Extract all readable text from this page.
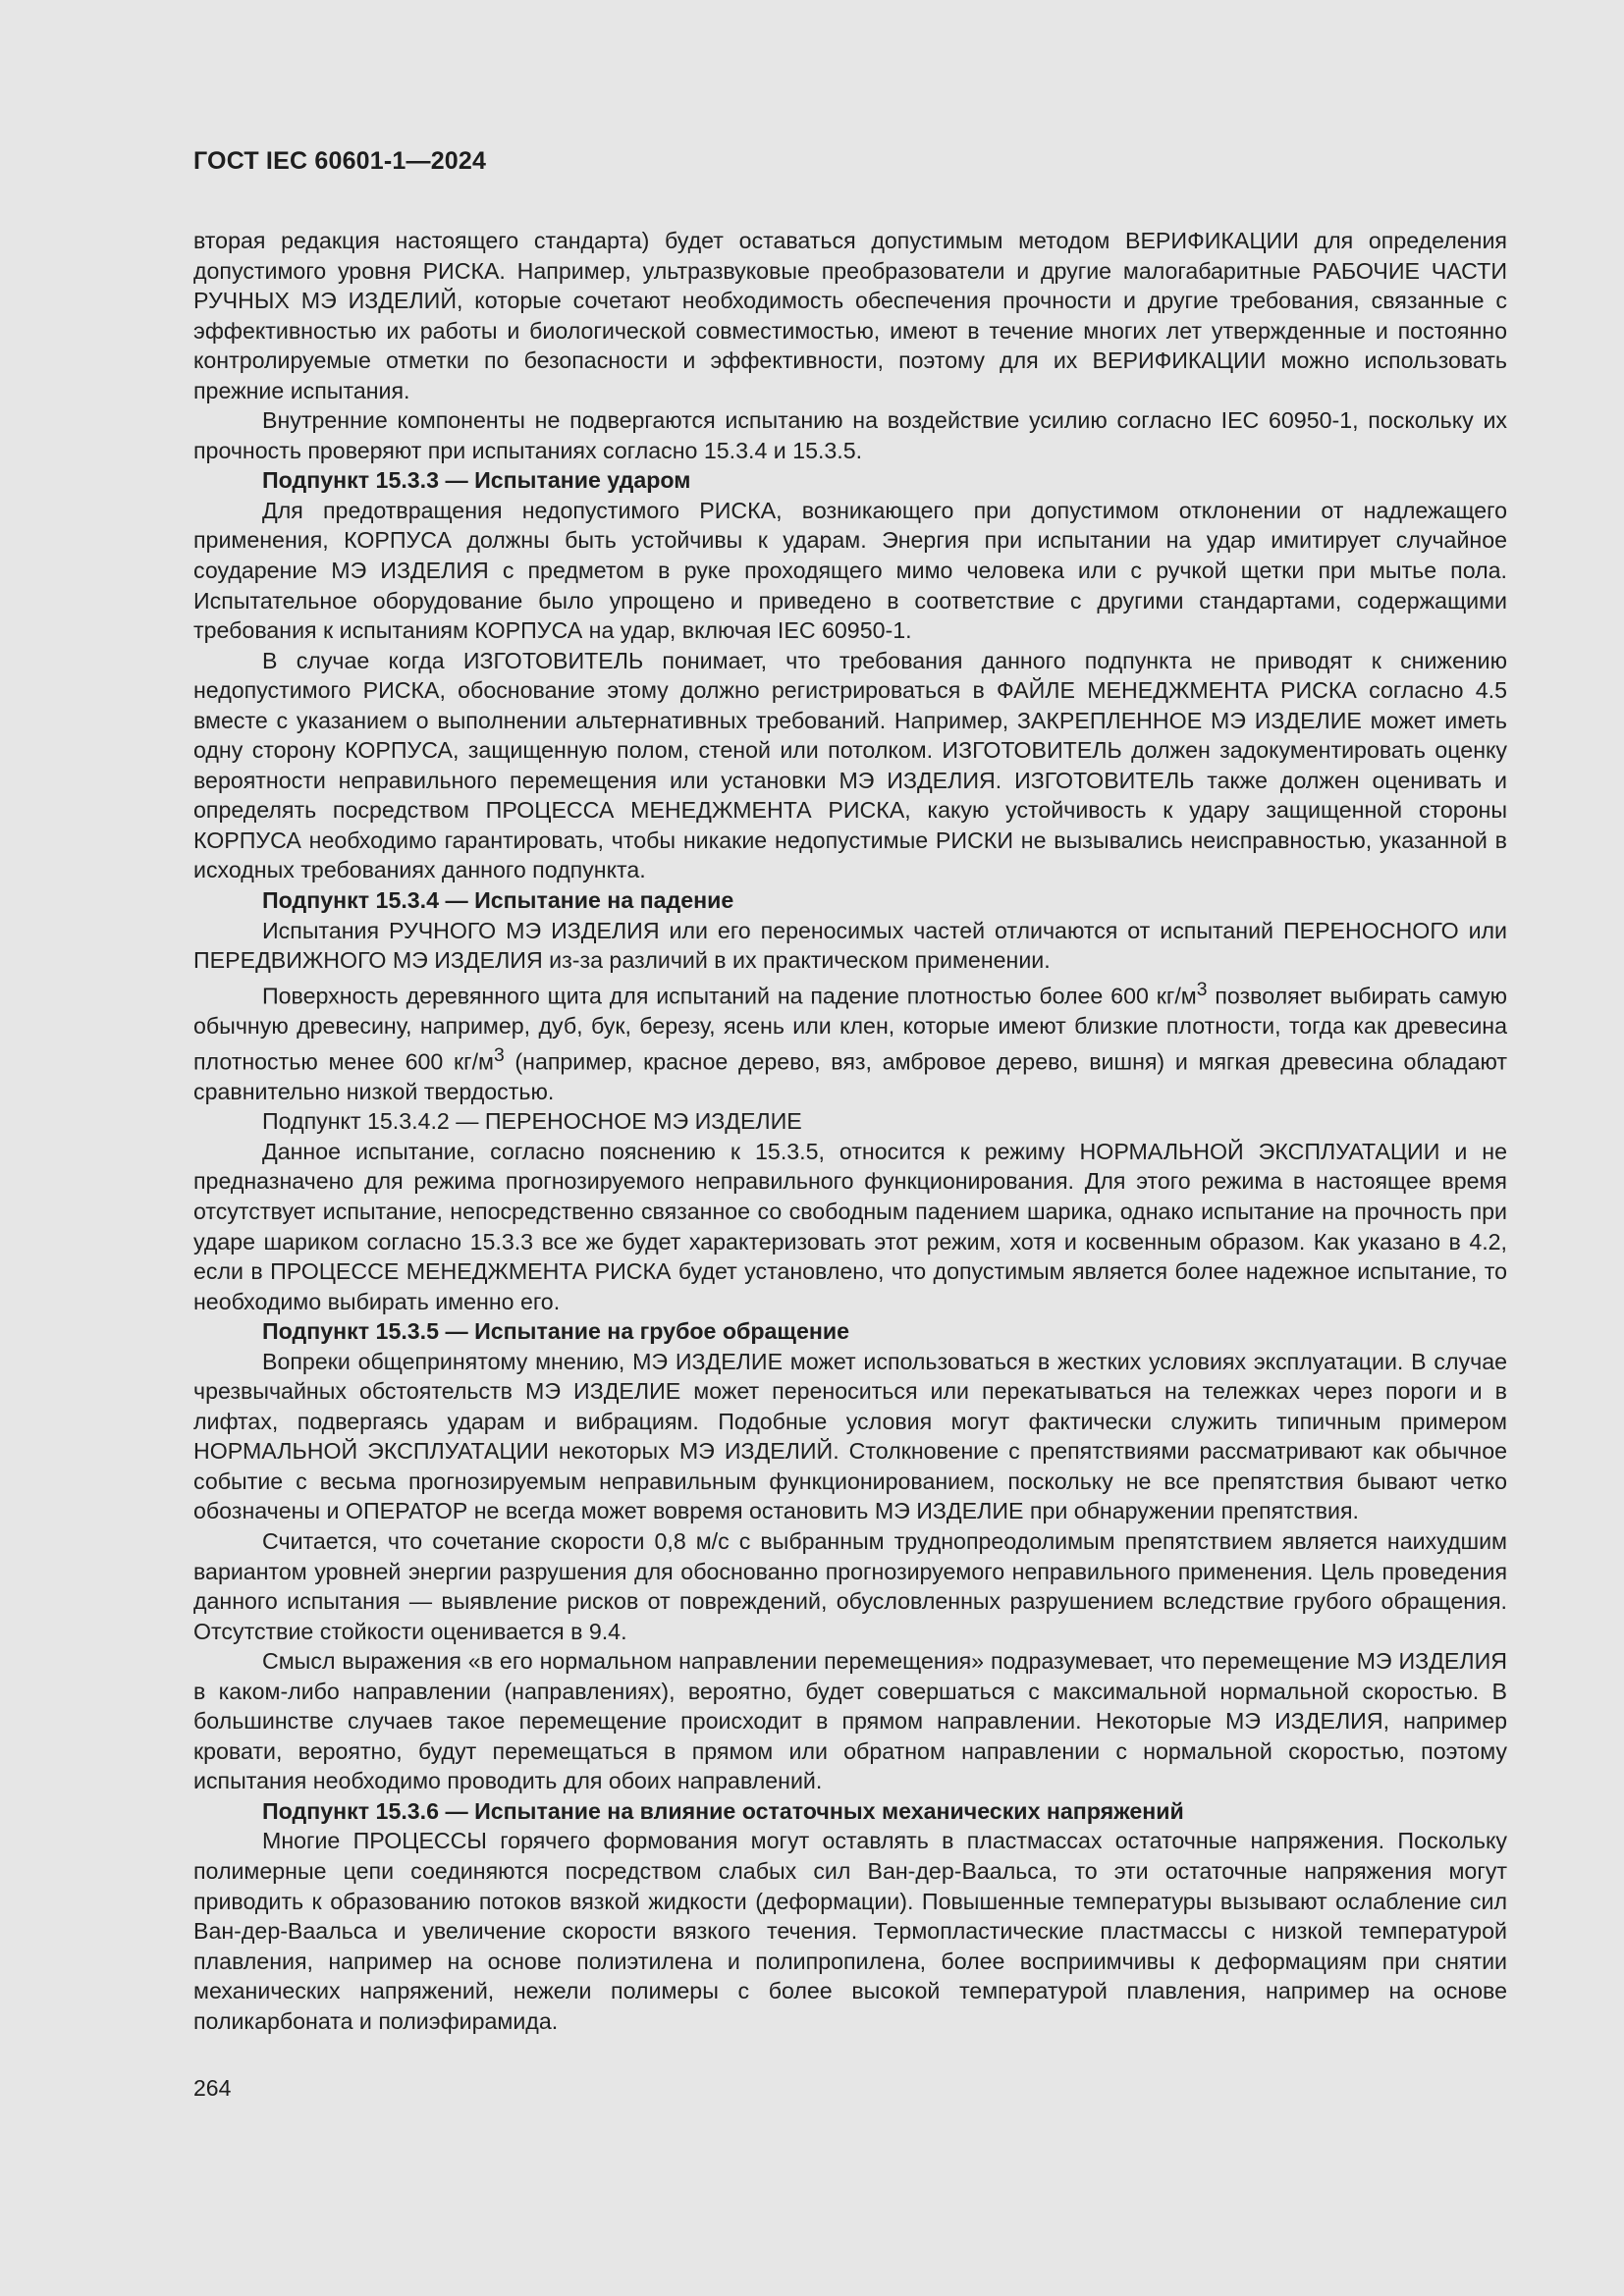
ГОСТ IEC 60601-1—2024

вторая редакция настоящего стандарта) будет оставаться допустимым методом ВЕРИФИКАЦИИ для определения допустимого уровня РИСКА. Например, ультразвуковые преобразователи и другие малогабаритные РАБОЧИЕ ЧАСТИ РУЧНЫХ МЭ ИЗДЕЛИЙ, которые сочетают необходимость обеспечения прочности и другие требования, связанные с эффективностью их работы и биологической совместимостью, имеют в течение многих лет утвержденные и постоянно контролируемые отметки по безопасности и эффективности, поэтому для их ВЕРИФИКАЦИИ можно использовать прежние испытания.

Внутренние компоненты не подвергаются испытанию на воздействие усилию согласно IEC 60950-1, поскольку их прочность проверяют при испытаниях согласно 15.3.4 и 15.3.5.

Подпункт 15.3.3 — Испытание ударом

Для предотвращения недопустимого РИСКА, возникающего при допустимом отклонении от надлежащего применения, КОРПУСА должны быть устойчивы к ударам. Энергия при испытании на удар имитирует случайное соударение МЭ ИЗДЕЛИЯ с предметом в руке проходящего мимо человека или с ручкой щетки при мытье пола. Испытательное оборудование было упрощено и приведено в соответствие с другими стандартами, содержащими требования к испытаниям КОРПУСА на удар, включая IEC 60950-1.

В случае когда ИЗГОТОВИТЕЛЬ понимает, что требования данного подпункта не приводят к снижению недопустимого РИСКА, обоснование этому должно регистрироваться в ФАЙЛЕ МЕНЕДЖМЕНТА РИСКА согласно 4.5 вместе с указанием о выполнении альтернативных требований. Например, ЗАКРЕПЛЕННОЕ МЭ ИЗДЕЛИЕ может иметь одну сторону КОРПУСА, защищенную полом, стеной или потолком. ИЗГОТОВИТЕЛЬ должен задокументировать оценку вероятности неправильного перемещения или установки МЭ ИЗДЕЛИЯ. ИЗГОТОВИТЕЛЬ также должен оценивать и определять посредством ПРОЦЕССА МЕНЕДЖМЕНТА РИСКА, какую устойчивость к удару защищенной стороны КОРПУСА необходимо гарантировать, чтобы никакие недопустимые РИСКИ не вызывались неисправностью, указанной в исходных требованиях данного подпункта.

Подпункт 15.3.4 — Испытание на падение

Испытания РУЧНОГО МЭ ИЗДЕЛИЯ или его переносимых частей отличаются от испытаний ПЕРЕНОСНОГО или ПЕРЕДВИЖНОГО МЭ ИЗДЕЛИЯ из-за различий в их практическом применении.

Поверхность деревянного щита для испытаний на падение плотностью более 600 $кг/м^3$ позволяет выбирать самую обычную древесину, например, дуб, бук, березу, ясень или клен, которые имеют близкие плотности, тогда как древесина плотностью менее 600 $кг/м^3$ (например, красное дерево, вяз, амбровое дерево, вишня) и мягкая древесина обладают сравнительно низкой твердостью.

Подпункт 15.3.4.2 — ПЕРЕНОСНОЕ МЭ ИЗДЕЛИЕ

Данное испытание, согласно пояснению к 15.3.5, относится к режиму НОРМАЛЬНОЙ ЭКСПЛУАТАЦИИ и не предназначено для режима прогнозируемого неправильного функционирования. Для этого режима в настоящее время отсутствует испытание, непосредственно связанное со свободным падением шарика, однако испытание на прочность при ударе шариком согласно 15.3.3 все же будет характеризовать этот режим, хотя и косвенным образом. Как указано в 4.2, если в ПРОЦЕССЕ МЕНЕДЖМЕНТА РИСКА будет установлено, что допустимым является более надежное испытание, то необходимо выбирать именно его.

Подпункт 15.3.5 — Испытание на грубое обращение

Вопреки общепринятому мнению, МЭ ИЗДЕЛИЕ может использоваться в жестких условиях эксплуатации. В случае чрезвычайных обстоятельств МЭ ИЗДЕЛИЕ может переноситься или перекатываться на тележках через пороги и в лифтах, подвергаясь ударам и вибрациям. Подобные условия могут фактически служить типичным примером НОРМАЛЬНОЙ ЭКСПЛУАТАЦИИ некоторых МЭ ИЗДЕЛИЙ. Столкновение с препятствиями рассматривают как обычное событие с весьма прогнозируемым неправильным функционированием, поскольку не все препятствия бывают четко обозначены и ОПЕРАТОР не всегда может вовремя остановить МЭ ИЗДЕЛИЕ при обнаружении препятствия.

Считается, что сочетание скорости 0,8 м/с с выбранным труднопреодолимым препятствием является наихудшим вариантом уровней энергии разрушения для обоснованно прогнозируемого неправильного применения. Цель проведения данного испытания — выявление рисков от повреждений, обусловленных разрушением вследствие грубого обращения. Отсутствие стойкости оценивается в 9.4.

Смысл выражения «в его нормальном направлении перемещения» подразумевает, что перемещение МЭ ИЗДЕЛИЯ в каком-либо направлении (направлениях), вероятно, будет совершаться с максимальной нормальной скоростью. В большинстве случаев такое перемещение происходит в прямом направлении. Некоторые МЭ ИЗДЕЛИЯ, например кровати, вероятно, будут перемещаться в прямом или обратном направлении с нормальной скоростью, поэтому испытания необходимо проводить для обоих направлений.

Подпункт 15.3.6 — Испытание на влияние остаточных механических напряжений

Многие ПРОЦЕССЫ горячего формования могут оставлять в пластмассах остаточные напряжения. Поскольку полимерные цепи соединяются посредством слабых сил Ван-дер-Ваальса, то эти остаточные напряжения могут приводить к образованию потоков вязкой жидкости (деформации). Повышенные температуры вызывают ослабление сил Ван-дер-Ваальса и увеличение скорости вязкого течения. Термопластические пластмассы с низкой температурой плавления, например на основе полиэтилена и полипропилена, более восприимчивы к деформациям при снятии механических напряжений, нежели полимеры с более высокой температурой плавления, например на основе поликарбоната и полиэфирамида.

264
